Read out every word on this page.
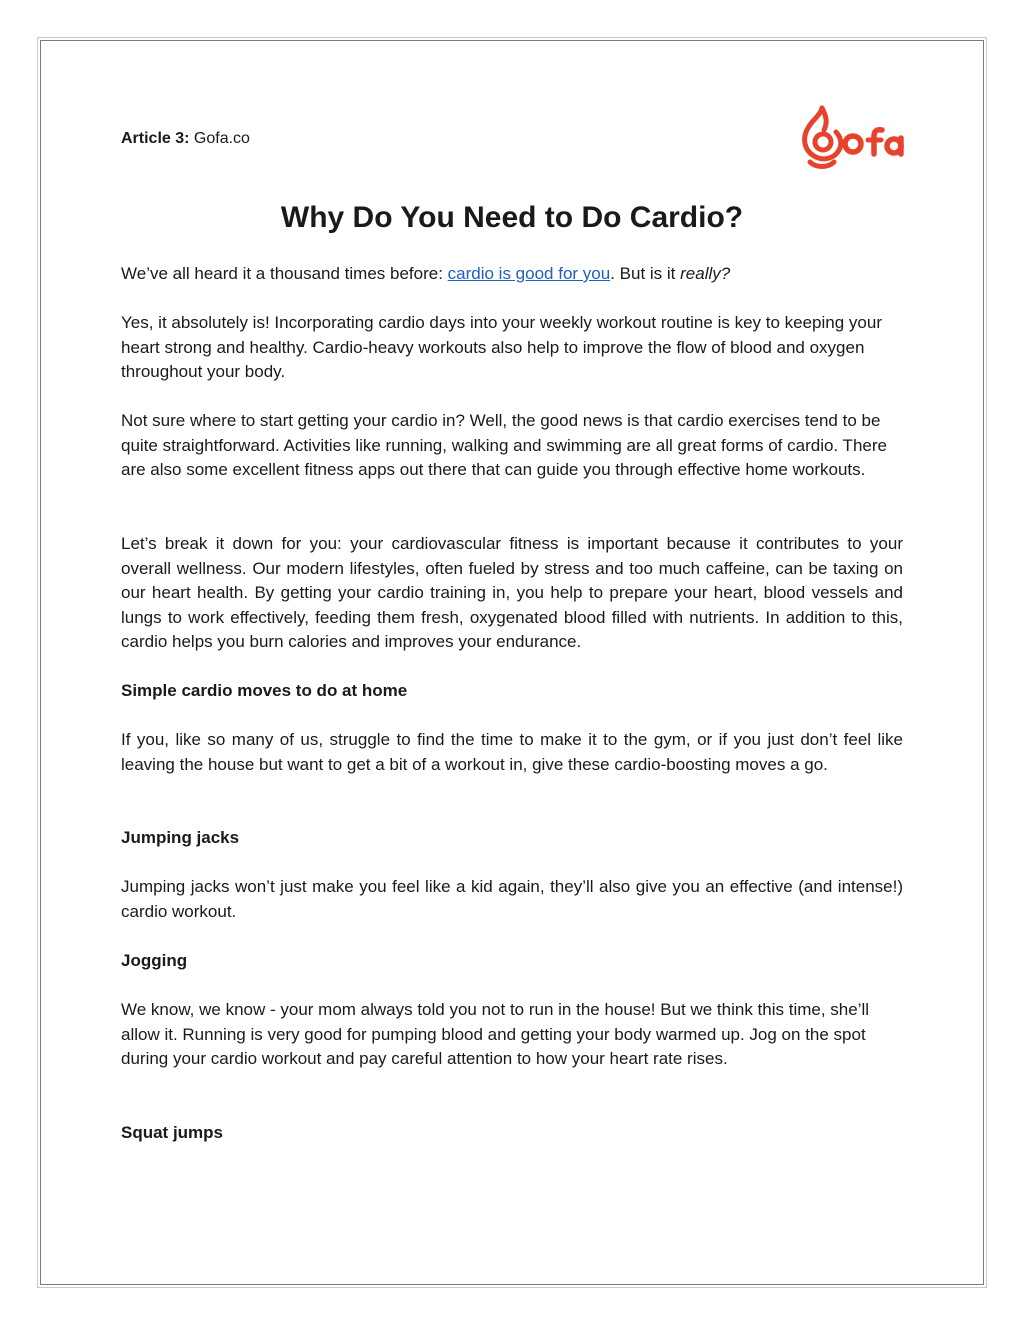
Article 3: Gofa.co
Why Do You Need to Do Cardio?

We’ve all heard it a thousand times before: cardio is good for you. But is it really?

Yes, it absolutely is! Incorporating cardio days into your weekly workout routine is key to keeping your heart strong and healthy. Cardio-heavy workouts also help to improve the flow of blood and oxygen throughout your body.

Not sure where to start getting your cardio in? Well, the good news is that cardio exercises tend to be quite straightforward. Activities like running, walking and swimming are all great forms of cardio. There are also some excellent fitness apps out there that can guide you through effective home workouts.

Let’s break it down for you: your cardiovascular fitness is important because it contributes to your overall wellness. Our modern lifestyles, often fueled by stress and too much caffeine, can be taxing on our heart health. By getting your cardio training in, you help to prepare your heart, blood vessels and lungs to work effectively, feeding them fresh, oxygenated blood filled with nutrients. In addition to this, cardio helps you burn calories and improves your endurance.

Simple cardio moves to do at home

If you, like so many of us, struggle to find the time to make it to the gym, or if you just don’t feel like leaving the house but want to get a bit of a workout in, give these cardio-boosting moves a go.

Jumping jacks

Jumping jacks won’t just make you feel like a kid again, they’ll also give you an effective (and intense!) cardio workout.

Jogging

We know, we know - your mom always told you not to run in the house! But we think this time, she’ll allow it. Running is very good for pumping blood and getting your body warmed up. Jog on the spot during your cardio workout and pay careful attention to how your heart rate rises.

Squat jumps
